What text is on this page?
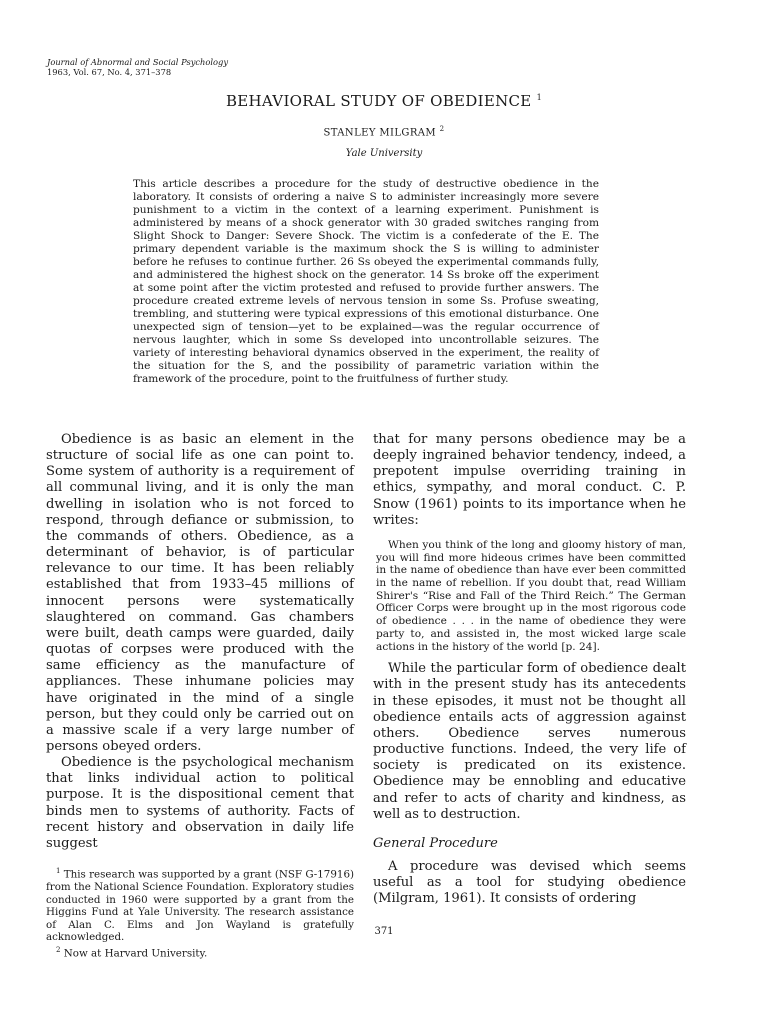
Journal of Abnormal and Social Psychology
1963, Vol. 67, No. 4, 371–378
BEHAVIORAL STUDY OF OBEDIENCE $^1$
STANLEY MILGRAM $^2$
Yale University
This article describes a procedure for the study of destructive obedience in the laboratory. It consists of ordering a naive S to administer increasingly more severe punishment to a victim in the context of a learning experiment. Punishment is administered by means of a shock generator with 30 graded switches ranging from Slight Shock to Danger: Severe Shock. The victim is a confederate of the E. The primary dependent variable is the maximum shock the S is willing to administer before he refuses to continue further. 26 Ss obeyed the experimental commands fully, and administered the highest shock on the generator. 14 Ss broke off the experiment at some point after the victim protested and refused to provide further answers. The procedure created extreme levels of nervous tension in some Ss. Profuse sweating, trembling, and stuttering were typical expressions of this emotional disturbance. One unexpected sign of tension—yet to be explained—was the regular occurrence of nervous laughter, which in some Ss developed into uncontrollable seizures. The variety of interesting behavioral dynamics observed in the experiment, the reality of the situation for the S, and the possibility of parametric variation within the framework of the procedure, point to the fruitfulness of further study.

Obedience is as basic an element in the structure of social life as one can point to. Some system of authority is a requirement of all communal living, and it is only the man dwelling in isolation who is not forced to respond, through defiance or submission, to the commands of others. Obedience, as a determinant of behavior, is of particular relevance to our time. It has been reliably established that from 1933–45 millions of innocent persons were systematically slaughtered on command. Gas chambers were built, death camps were guarded, daily quotas of corpses were produced with the same efficiency as the manufacture of appliances. These inhumane policies may have originated in the mind of a single person, but they could only be carried out on a massive scale if a very large number of persons obeyed orders.

Obedience is the psychological mechanism that links individual action to political purpose. It is the dispositional cement that binds men to systems of authority. Facts of recent history and observation in daily life suggest

$^1$ This research was supported by a grant (NSF G-17916) from the National Science Foundation. Exploratory studies conducted in 1960 were supported by a grant from the Higgins Fund at Yale University. The research assistance of Alan C. Elms and Jon Wayland is gratefully acknowledged.

$^2$ Now at Harvard University.

that for many persons obedience may be a deeply ingrained behavior tendency, indeed, a prepotent impulse overriding training in ethics, sympathy, and moral conduct. C. P. Snow (1961) points to its importance when he writes:

When you think of the long and gloomy history of man, you will find more hideous crimes have been committed in the name of obedience than have ever been committed in the name of rebellion. If you doubt that, read William Shirer's “Rise and Fall of the Third Reich.” The German Officer Corps were brought up in the most rigorous code of obedience . . . in the name of obedience they were party to, and assisted in, the most wicked large scale actions in the history of the world [p. 24].

While the particular form of obedience dealt with in the present study has its antecedents in these episodes, it must not be thought all obedience entails acts of aggression against others. Obedience serves numerous productive functions. Indeed, the very life of society is predicated on its existence. Obedience may be ennobling and educative and refer to acts of charity and kindness, as well as to destruction.

General Procedure

A procedure was devised which seems useful as a tool for studying obedience (Milgram, 1961). It consists of ordering

371
